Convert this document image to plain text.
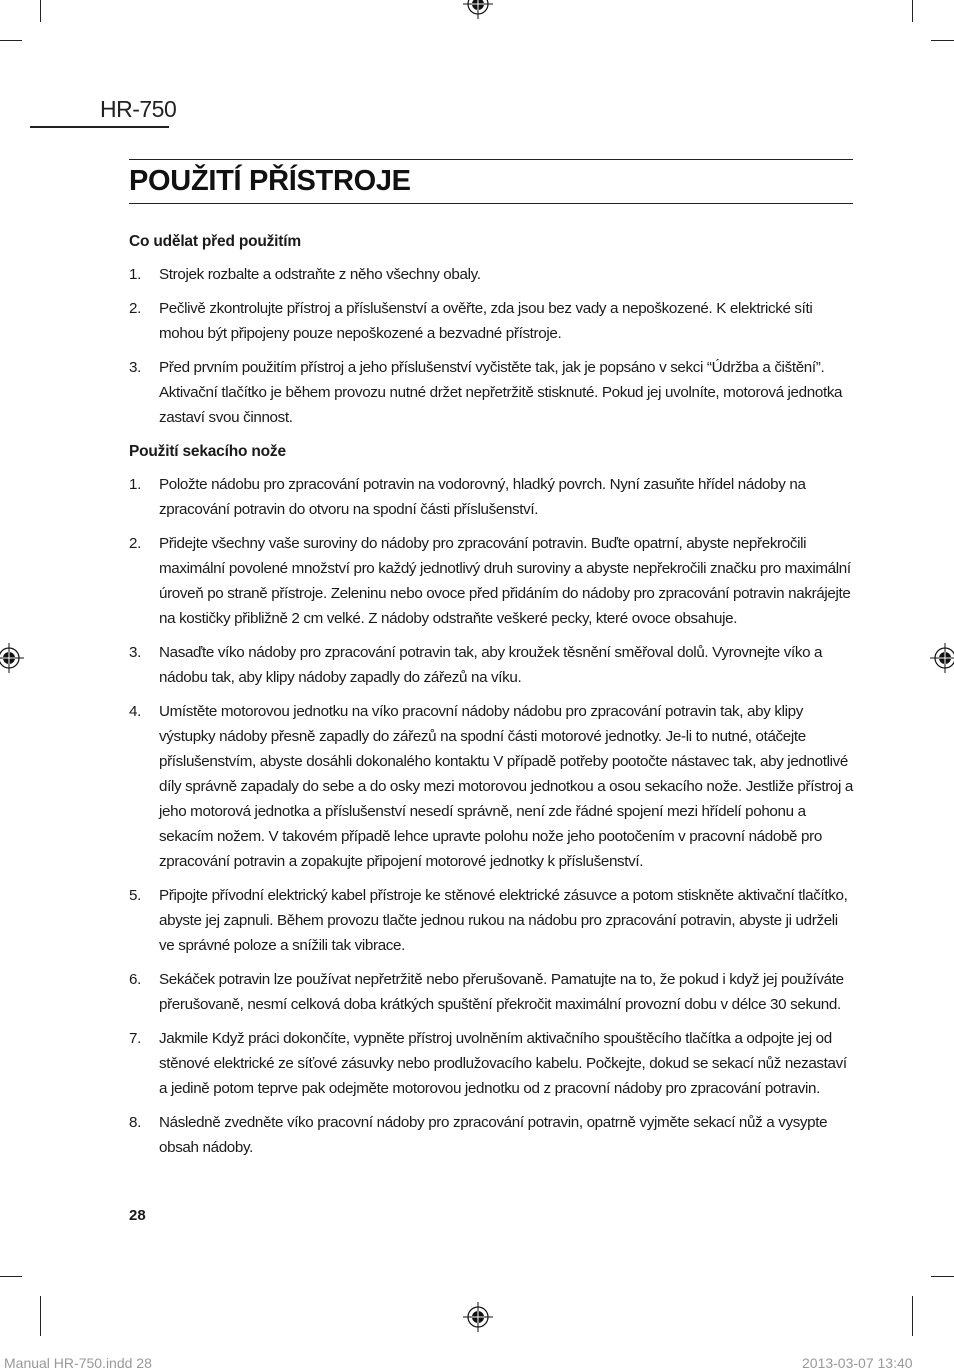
HR-750
POUŽITÍ PŘÍSTROJE
Co udělat před použitím
1.	Strojek rozbalte a odstraňte z něho všechny obaly.
2.	Pečlivě zkontrolujte přístroj a příslušenství a ověřte, zda jsou bez vady a nepoškozené. K elektrické síti mohou být připojeny pouze nepoškozené a bezvadné přístroje.
3.	Před prvním použitím přístroj a jeho příslušenství vyčistěte tak, jak je popsáno v sekci “Údržba a čištění”. Aktivační tlačítko je během provozu nutné držet nepřetržitě stisknuté. Pokud jej uvolníte, motorová jednotka zastaví svou činnost.
Použití sekacího nože
1.	Položte nádobu pro zpracování potravin na vodorovný, hladký povrch. Nyní zasuňte hřídel nádoby na zpracování potravin do otvoru na spodní části příslušenství.
2.	Přidejte všechny vaše suroviny do nádoby pro zpracování potravin. Buďte opatrní, abyste nepřekročili maximální povolené množství pro každý jednotlivý druh suroviny a abyste nepřekročili značku pro maximální úroveň po straně přístroje. Zeleninu nebo ovoce před přidáním do nádoby pro zpracování potravin nakrájejte na kostičky přibližně 2 cm velké. Z nádoby odstraňte veškeré pecky, které ovoce obsahuje.
3.	Nasaďte víko nádoby pro zpracování potravin tak, aby kroužek těsnění směřoval dolů. Vyrovnejte víko a nádobu tak, aby klipy nádoby zapadly do zářezů na víku.
4.	Umístěte motorovou jednotku na víko pracovní nádoby nádobu pro zpracování potravin tak, aby klipy výstupky nádoby přesně zapadly do zářezů na spodní části motorové jednotky. Je-li to nutné, otáčejte příslušenstvím, abyste dosáhli dokonalého kontaktu V případě potřeby pootočte nástavec tak, aby jednotlivé díly správně zapadaly do sebe a do osky mezi motorovou jednotkou a osou sekacího nože. Jestliže přístroj a jeho motorová jednotka a příslušenství nesedí správně, není zde řádné spojení mezi hřídelí pohonu a sekacím nožem. V takovém případě lehce upravte polohu nože jeho pootočením v pracovní nádobě pro zpracování potravin a zopakujte připojení motorové jednotky k příslušenství.
5.	Připojte přívodní elektrický kabel přístroje ke stěnové elektrické zásuvce a potom stiskněte aktivační tlačítko, abyste jej zapnuli. Během provozu tlačte jednou rukou na nádobu pro zpracování potravin, abyste ji udrželi ve správné poloze a snížili tak vibrace.
6.	Sekáček potravin lze používat nepřetržitě nebo přerušovaně. Pamatujte na to, že pokud i když jej používáte přerušovaně, nesmí celková doba krátkých spuštění překročit maximální provozní dobu v délce 30 sekund.
7.	Jakmile Když práci dokončíte, vypněte přístroj uvolněním aktivačního spouštěcího tlačítka a odpojte jej od stěnové elektrické ze síťové zásuvky nebo prodlužovacího kabelu. Počkejte, dokud se sekací nůž nezastaví a jedině potom teprve pak odejměte motorovou jednotku od z pracovní nádoby pro zpracování potravin.
8.	Následně zvedněte víko pracovní nádoby pro zpracování potravin, opatrně vyjměte sekací nůž a vysypte obsah nádoby.
28
Manual HR-750.indd 28	2013-03-07 13:40
